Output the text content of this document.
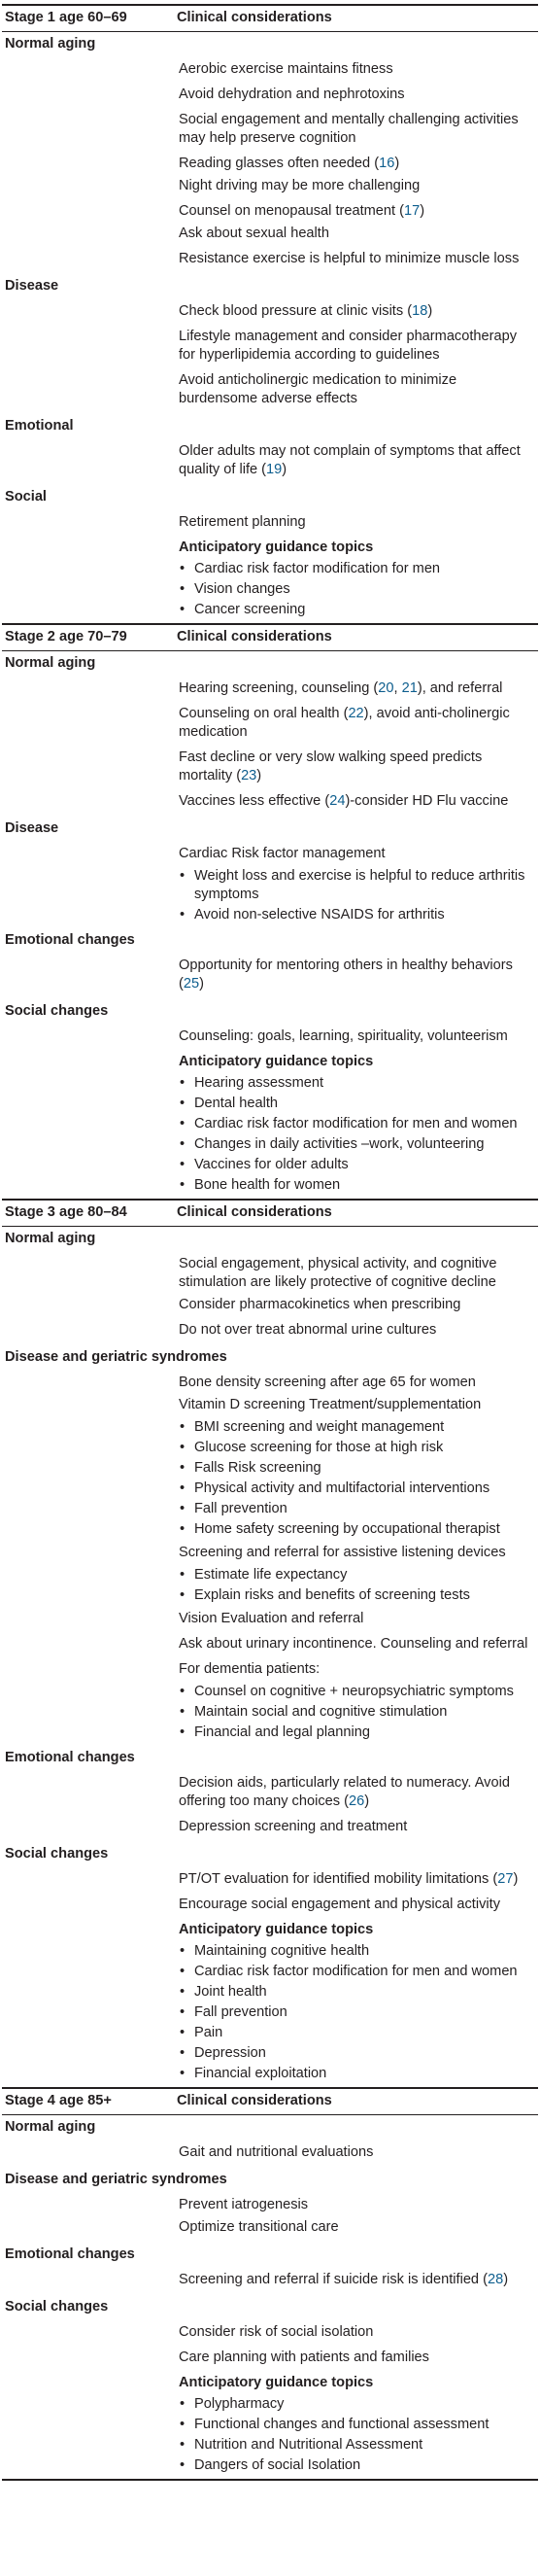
Stage 1 age 60–69	Clinical considerations
Normal aging
Aerobic exercise maintains fitness
Avoid dehydration and nephrotoxins
Social engagement and mentally challenging activities may help preserve cognition
Reading glasses often needed (16)
Night driving may be more challenging
Counsel on menopausal treatment (17)
Ask about sexual health
Resistance exercise is helpful to minimize muscle loss
Disease
Check blood pressure at clinic visits (18)
Lifestyle management and consider pharmacotherapy for hyperlipidemia according to guidelines
Avoid anticholinergic medication to minimize burdensome adverse effects
Emotional
Older adults may not complain of symptoms that affect quality of life (19)
Social
Retirement planning
Anticipatory guidance topics
• Cardiac risk factor modification for men
• Vision changes
• Cancer screening
Stage 2 age 70–79	Clinical considerations
Normal aging
Hearing screening, counseling (20, 21), and referral
Counseling on oral health (22), avoid anti-cholinergic medication
Fast decline or very slow walking speed predicts mortality (23)
Vaccines less effective (24)-consider HD Flu vaccine
Disease
Cardiac Risk factor management
• Weight loss and exercise is helpful to reduce arthritis symptoms
• Avoid non-selective NSAIDS for arthritis
Emotional changes
Opportunity for mentoring others in healthy behaviors (25)
Social changes
Counseling: goals, learning, spirituality, volunteerism
Anticipatory guidance topics
• Hearing assessment
• Dental health
• Cardiac risk factor modification for men and women
• Changes in daily activities –work, volunteering
• Vaccines for older adults
• Bone health for women
Stage 3 age 80–84	Clinical considerations
Normal aging
Social engagement, physical activity, and cognitive stimulation are likely protective of cognitive decline
Consider pharmacokinetics when prescribing
Do not over treat abnormal urine cultures
Disease and geriatric syndromes
Bone density screening after age 65 for women
Vitamin D screening Treatment/supplementation
• BMI screening and weight management
• Glucose screening for those at high risk
• Falls Risk screening
• Physical activity and multifactorial interventions
• Fall prevention
• Home safety screening by occupational therapist
Screening and referral for assistive listening devices
• Estimate life expectancy
• Explain risks and benefits of screening tests
Vision Evaluation and referral
Ask about urinary incontinence. Counseling and referral
For dementia patients:
• Counsel on cognitive + neuropsychiatric symptoms
• Maintain social and cognitive stimulation
• Financial and legal planning
Emotional changes
Decision aids, particularly related to numeracy. Avoid offering too many choices (26)
Depression screening and treatment
Social changes
PT/OT evaluation for identified mobility limitations (27)
Encourage social engagement and physical activity
Anticipatory guidance topics
• Maintaining cognitive health
• Cardiac risk factor modification for men and women
• Joint health
• Fall prevention
• Pain
• Depression
• Financial exploitation
Stage 4 age 85+	Clinical considerations
Normal aging
Gait and nutritional evaluations
Disease and geriatric syndromes
Prevent iatrogenesis
Optimize transitional care
Emotional changes
Screening and referral if suicide risk is identified (28)
Social changes
Consider risk of social isolation
Care planning with patients and families
Anticipatory guidance topics
• Polypharmacy
• Functional changes and functional assessment
• Nutrition and Nutritional Assessment
• Dangers of social Isolation
